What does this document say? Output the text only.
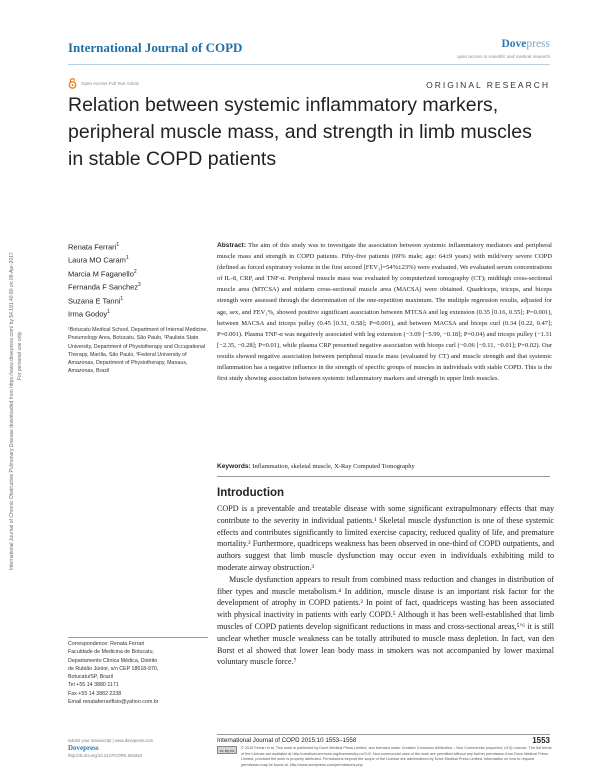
International Journal of COPD	Dovepress
open access to scientific and medical research
Open Access Full Text Article	ORIGINAL RESEARCH
Relation between systemic inflammatory markers, peripheral muscle mass, and strength in limb muscles in stable COPD patients
International Journal of Chronic Obstructive Pulmonary Disease downloaded from https://www.dovepress.com/ by 54.191.40.80 on 09-Apr-2017 For personal use only.
Renata Ferrari$^1$
Laura MO Caram$^1$
Marcia M Faganello$^2$
Fernanda F Sanchez$^3$
Suzana E Tanni$^1$
Irma Godoy$^1$
¹Botucatu Medical School, Department of Internal Medicine, Pneumology Area, Botucatu, São Paulo, ²Paulista State University, Department of Physiotherapy and Occupational Therapy, Marília, São Paulo, ³Federal University of Amazonas, Department of Physiotherapy, Manaus, Amazonas, Brazil
Abstract: The aim of this study was to investigate the association between systemic inflammatory mediators and peripheral muscle mass and strength in COPD patients. Fifty-five patients (69% male; age: 64±9 years) with mild/very severe COPD (defined as forced expiratory volume in the first second [FEV₁]=54%±23%) were evaluated. We evaluated serum concentrations of IL-8, CRP, and TNF-α. Peripheral muscle mass was evaluated by computerized tomography (CT); midthigh cross-sectional muscle area (MTCSA) and midarm cross-sectional muscle area (MACSA) were obtained. Quadriceps, triceps, and biceps strength were assessed through the determination of the one-repetition maximum. The multiple regression results, adjusted for age, sex, and FEV₁%, showed positive significant association between MTCSA and leg extension (0.35 [0.16, 0.55]; P=0.001), between MACSA and triceps pulley (0.45 [0.31, 0.58]; P=0.001), and between MACSA and biceps curl (0.34 [0.22, 0.47]; P=0.001). Plasma TNF-α was negatively associated with leg extension (−3.09 [−5.99, −0.18]; P=0.04) and triceps pulley (−1.31 [−2.35, −0.28]; P=0.01), while plasma CRP presented negative association with biceps curl (−0.06 [−0.11, −0.01]; P=0.02). Our results showed negative association between peripheral muscle mass (evaluated by CT) and muscle strength and that systemic inflammation has a negative influence in the strength of specific groups of muscles in individuals with stable COPD. This is the first study showing association between systemic inflammatory markers and strength in upper limb muscles.
Keywords: Inflammation, skeletal muscle, X-Ray Computed Tomography
Introduction

COPD is a preventable and treatable disease with some significant extrapulmonary effects that may contribute to the severity in individual patients.¹ Skeletal muscle dysfunction is one of these systemic effects and contributes significantly to limited exercise capacity, reduced quality of life, and premature mortality.² Furthermore, quadriceps weakness has been observed in one-third of COPD outpatients, and authors suggest that limb muscle dysfunction may occur even in individuals exhibiting mild to moderate airway obstruction.³

Muscle dysfunction appears to result from combined mass reduction and changes in distribution of fiber types and muscle metabolism.⁴ In addition, muscle disuse is an important risk factor for the development of atrophy in COPD patients.² In point of fact, quadriceps wasting has been associated with physical inactivity in patients with early COPD.⁵ Although it has been well-established that limb muscles of COPD patients develop significant reductions in mass and cross-sectional areas,⁵ʼ⁶ it is still unclear whether muscle weakness can be totally attributed to muscle mass depletion. In fact, van den Borst et al showed that lower lean body mass in smokers was not accompanied by lower maximal voluntary muscle force.⁷

Correspondence: Renata Ferrari
Faculdade de Medicina de Botucatu,
Departamento Clínica Médica, Distrito
de Rubião Júnior, s/n CEP 18618-970,
Botucatu/SP, Brazil
Tel +55 14 3880 1171
Fax +55 14 3882 2238
Email renataferrarifisio@yahoo.com.br
submit your manuscript | www.dovepress.com
Dovepress
http://dx.doi.org/10.2147/COPD.S81853
International Journal of COPD 2015:10 1553–1558	1553
cc by nc	© 2015 Ferrari et al. This work is published by Dove Medical Press Limited, and licensed under Creative Commons Attribution – Non Commercial (unported, v3.0) License. The full terms of the License are available at http://creativecommons.org/licenses/by-nc/3.0/. Non-commercial uses of the work are permitted without any further permission from Dove Medical Press Limited, provided the work is properly attributed. Permissions beyond the scope of the License are administered by Dove Medical Press Limited. Information on how to request permission may be found at: http://www.dovepress.com/permissions.php
